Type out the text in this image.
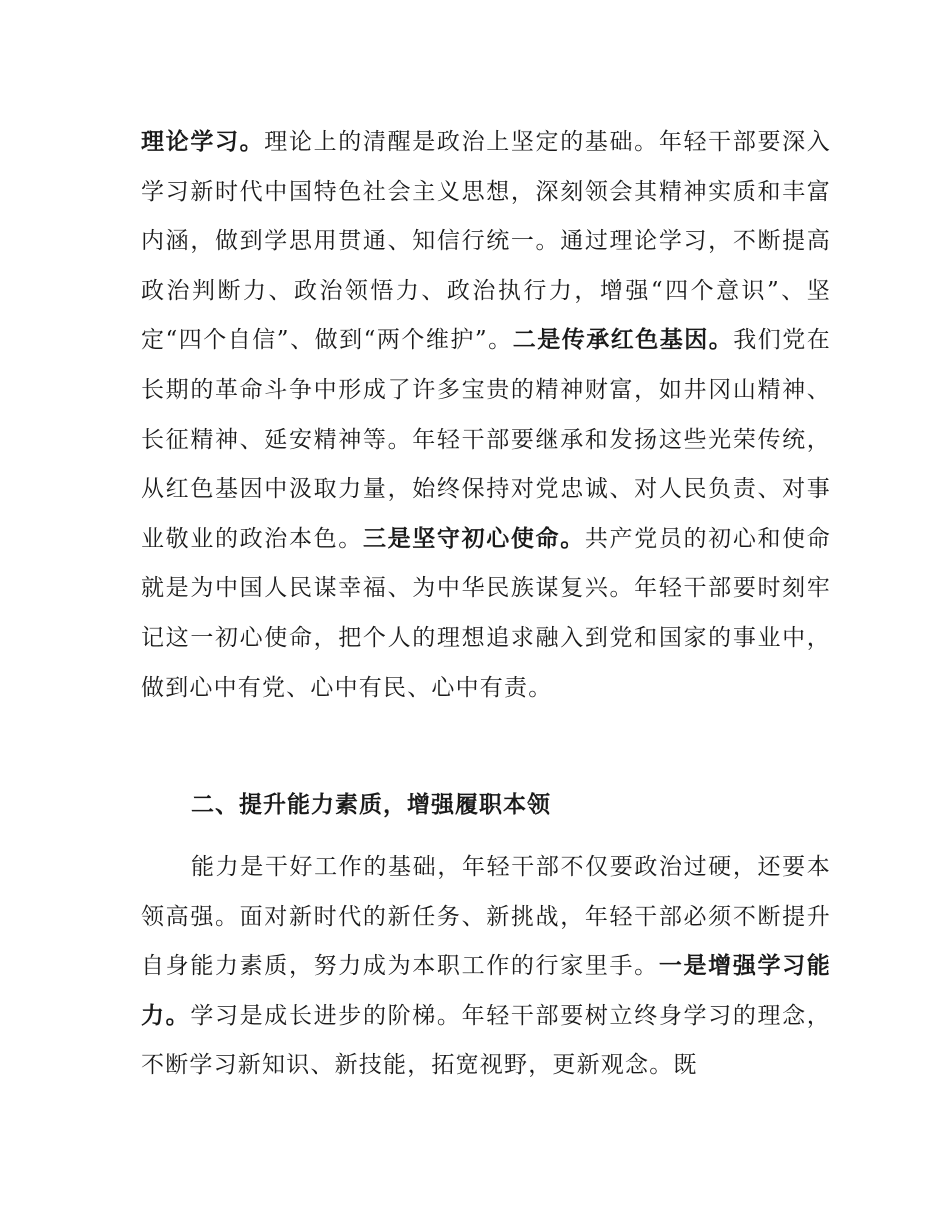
理论学习。理论上的清醒是政治上坚定的基础。年轻干部要深入学习新时代中国特色社会主义思想，深刻领会其精神实质和丰富内涵，做到学思用贯通、知信行统一。通过理论学习，不断提高政治判断力、政治领悟力、政治执行力，增强“四个意识”、坚定“四个自信”、做到“两个维护”。二是传承红色基因。我们党在长期的革命斗争中形成了许多宝贵的精神财富，如井冈山精神、长征精神、延安精神等。年轻干部要继承和发扬这些光荣传统，从红色基因中汲取力量，始终保持对党忠诚、对人民负责、对事业敬业的政治本色。三是坚守初心使命。共产党员的初心和使命就是为中国人民谋幸福、为中华民族谋复兴。年轻干部要时刻牢记这一初心使命，把个人的理想追求融入到党和国家的事业中，做到心中有党、心中有民、心中有责。

二、提升能力素质，增强履职本领

能力是干好工作的基础，年轻干部不仅要政治过硬，还要本领高强。面对新时代的新任务、新挑战，年轻干部必须不断提升自身能力素质，努力成为本职工作的行家里手。一是增强学习能力。学习是成长进步的阶梯。年轻干部要树立终身学习的理念，不断学习新知识、新技能，拓宽视野，更新观念。既
